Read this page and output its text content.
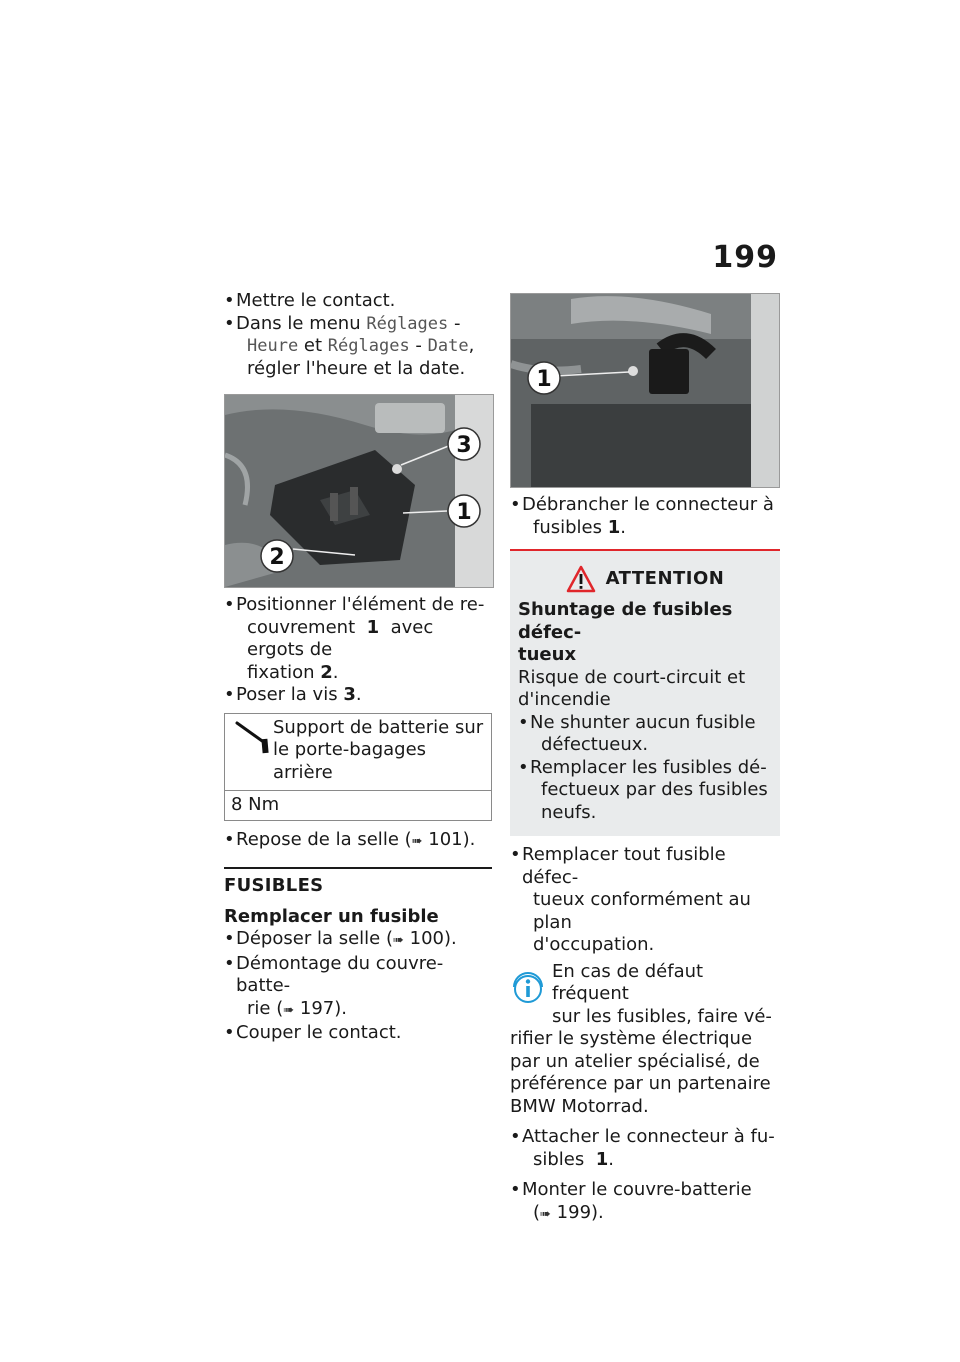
199

• Mettre le contact.

• Dans le menu Réglages -
Heure et Réglages - Date,
régler l'heure et la date.

3
1
2

• Positionner l'élément de re-
couvrement 1 avec ergots de
fixation 2.

• Poser la vis 3.

Support de batterie sur
le porte-bagages arrière
8 Nm

• Repose de la selle (➠ 101).

FUSIBLES
Remplacer un fusible

• Déposer la selle (➠ 100).

• Démontage du couvre-batte-
rie (➠ 197).

• Couper le contact.

1

• Débrancher le connecteur à
fusibles 1.

ATTENTION
Shuntage de fusibles défec-
tueux
Risque de court-circuit et
d'incendie

• Ne shunter aucun fusible
défectueux.

• Remplacer les fusibles dé-
fectueux par des fusibles
neufs.

• Remplacer tout fusible défec-
tueux conformément au plan
d'occupation.

En cas de défaut fréquent
sur les fusibles, faire vé-
rifier le système électrique
par un atelier spécialisé, de
préférence par un partenaire
BMW Motorrad.

• Attacher le connecteur à fu-
sibles 1.

• Monter le couvre-batterie
(➠ 199).
